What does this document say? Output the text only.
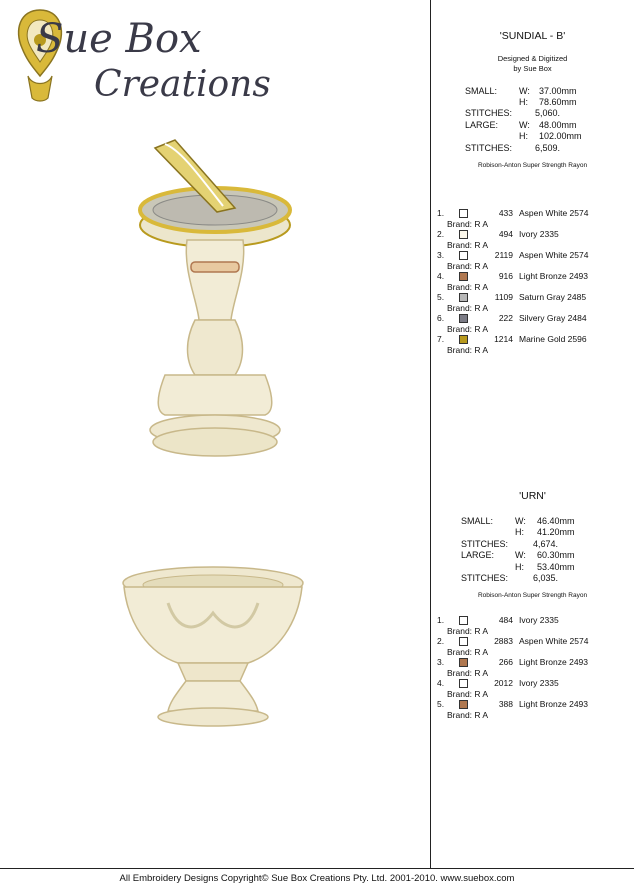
Sue Box
Creations
'SUNDIAL - B'
Designed & Digitized
by Sue Box
SMALL: W: 37.00mm
H: 78.60mm
STITCHES:	5,060.
LARGE: W: 48.00mm
H: 102.00mm
STITCHES:	6,509.
Robison-Anton Super Strength Rayon
1.	433 Aspen White 2574
Brand: R A
2.	494 Ivory 2335
Brand: R A
3.	2119 Aspen White 2574
Brand: R A
4.	916 Light Bronze 2493
Brand: R A
5.	1109 Saturn Gray 2485
Brand: R A
6.	222 Silvery Gray 2484
Brand: R A
7.	1214 Marine Gold 2596
Brand: R A
'URN'
SMALL: W: 46.40mm
H: 41.20mm
STITCHES:	4,674.
LARGE: W: 60.30mm
H: 53.40mm
STITCHES:	6,035.
Robison-Anton Super Strength Rayon
1.	484 Ivory 2335
Brand: R A
2.	2883 Aspen White 2574
Brand: R A
3.	266 Light Bronze 2493
Brand: R A
4.	2012 Ivory 2335
Brand: R A
5.	388 Light Bronze 2493
Brand: R A
All Embroidery Designs Copyright© Sue Box Creations Pty. Ltd. 2001-2010. www.suebox.com
